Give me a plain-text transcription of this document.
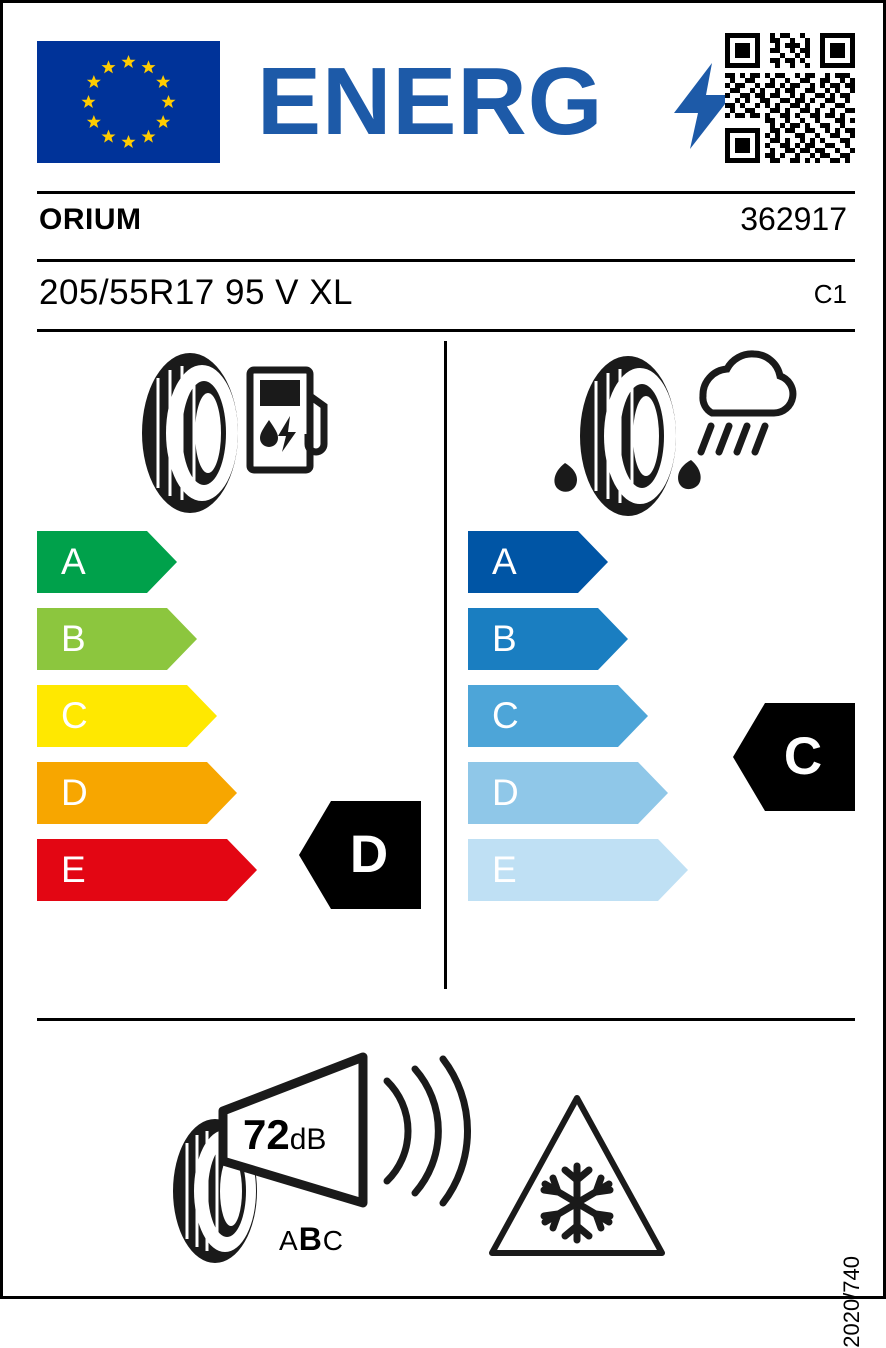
ENERG
ORIUM	362917
205/55R17 95 V XL	C1
A
B
C
D
E
A
B
C
D
E
D
C
72dB
ABC
2020/740
